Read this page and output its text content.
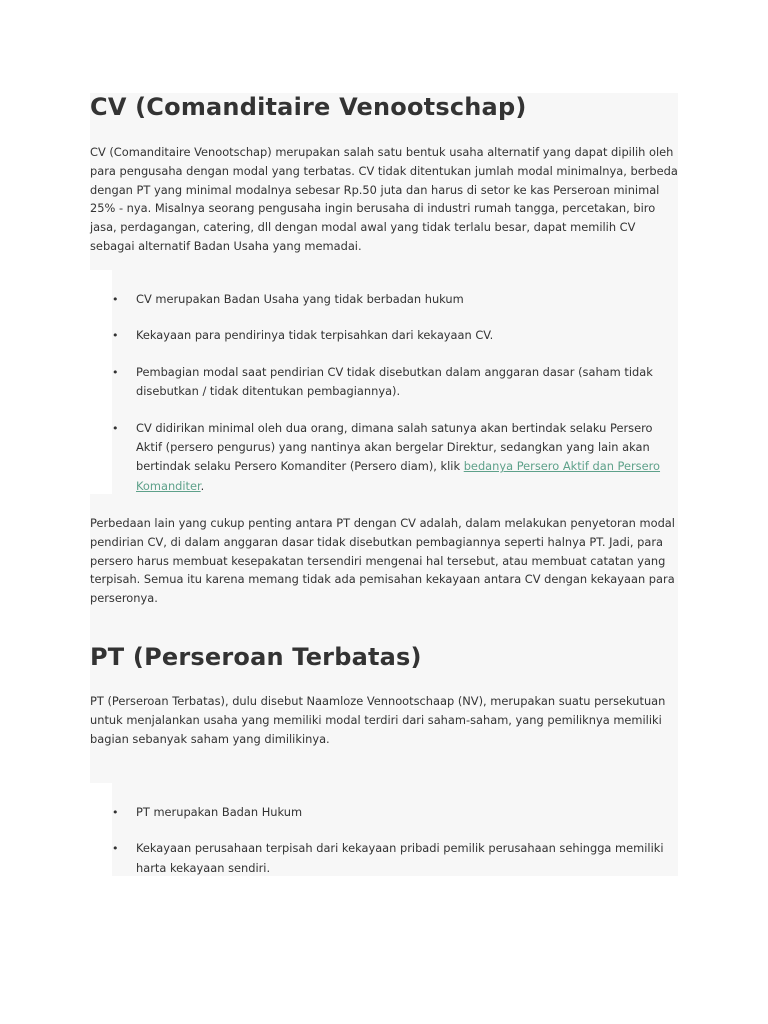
CV (Comanditaire Venootschap)

CV (Comanditaire Venootschap) merupakan salah satu bentuk usaha alternatif yang dapat dipilih oleh para pengusaha dengan modal yang terbatas. CV tidak ditentukan jumlah modal minimalnya, berbeda dengan PT yang minimal modalnya sebesar Rp.50 juta dan harus di setor ke kas Perseroan minimal 25% - nya. Misalnya seorang pengusaha ingin berusaha di industri rumah tangga, percetakan, biro jasa, perdagangan, catering, dll dengan modal awal yang tidak terlalu besar, dapat memilih CV sebagai alternatif Badan Usaha yang memadai.

• CV merupakan Badan Usaha yang tidak berbadan hukum
• Kekayaan para pendirinya tidak terpisahkan dari kekayaan CV.
• Pembagian modal saat pendirian CV tidak disebutkan dalam anggaran dasar (saham tidak disebutkan / tidak ditentukan pembagiannya).
• CV didirikan minimal oleh dua orang, dimana salah satunya akan bertindak selaku Persero Aktif (persero pengurus) yang nantinya akan bergelar Direktur, sedangkan yang lain akan bertindak selaku Persero Komanditer (Persero diam), klik bedanya Persero Aktif dan Persero Komanditer.

Perbedaan lain yang cukup penting antara PT dengan CV adalah, dalam melakukan penyetoran modal pendirian CV, di dalam anggaran dasar tidak disebutkan pembagiannya seperti halnya PT. Jadi, para persero harus membuat kesepakatan tersendiri mengenai hal tersebut, atau membuat catatan yang terpisah. Semua itu karena memang tidak ada pemisahan kekayaan antara CV dengan kekayaan para perseronya.

PT (Perseroan Terbatas)

PT (Perseroan Terbatas), dulu disebut Naamloze Vennootschaap (NV), merupakan suatu persekutuan untuk menjalankan usaha yang memiliki modal terdiri dari saham-saham, yang pemiliknya memiliki bagian sebanyak saham yang dimilikinya.

• PT merupakan Badan Hukum
• Kekayaan perusahaan terpisah dari kekayaan pribadi pemilik perusahaan sehingga memiliki harta kekayaan sendiri.
